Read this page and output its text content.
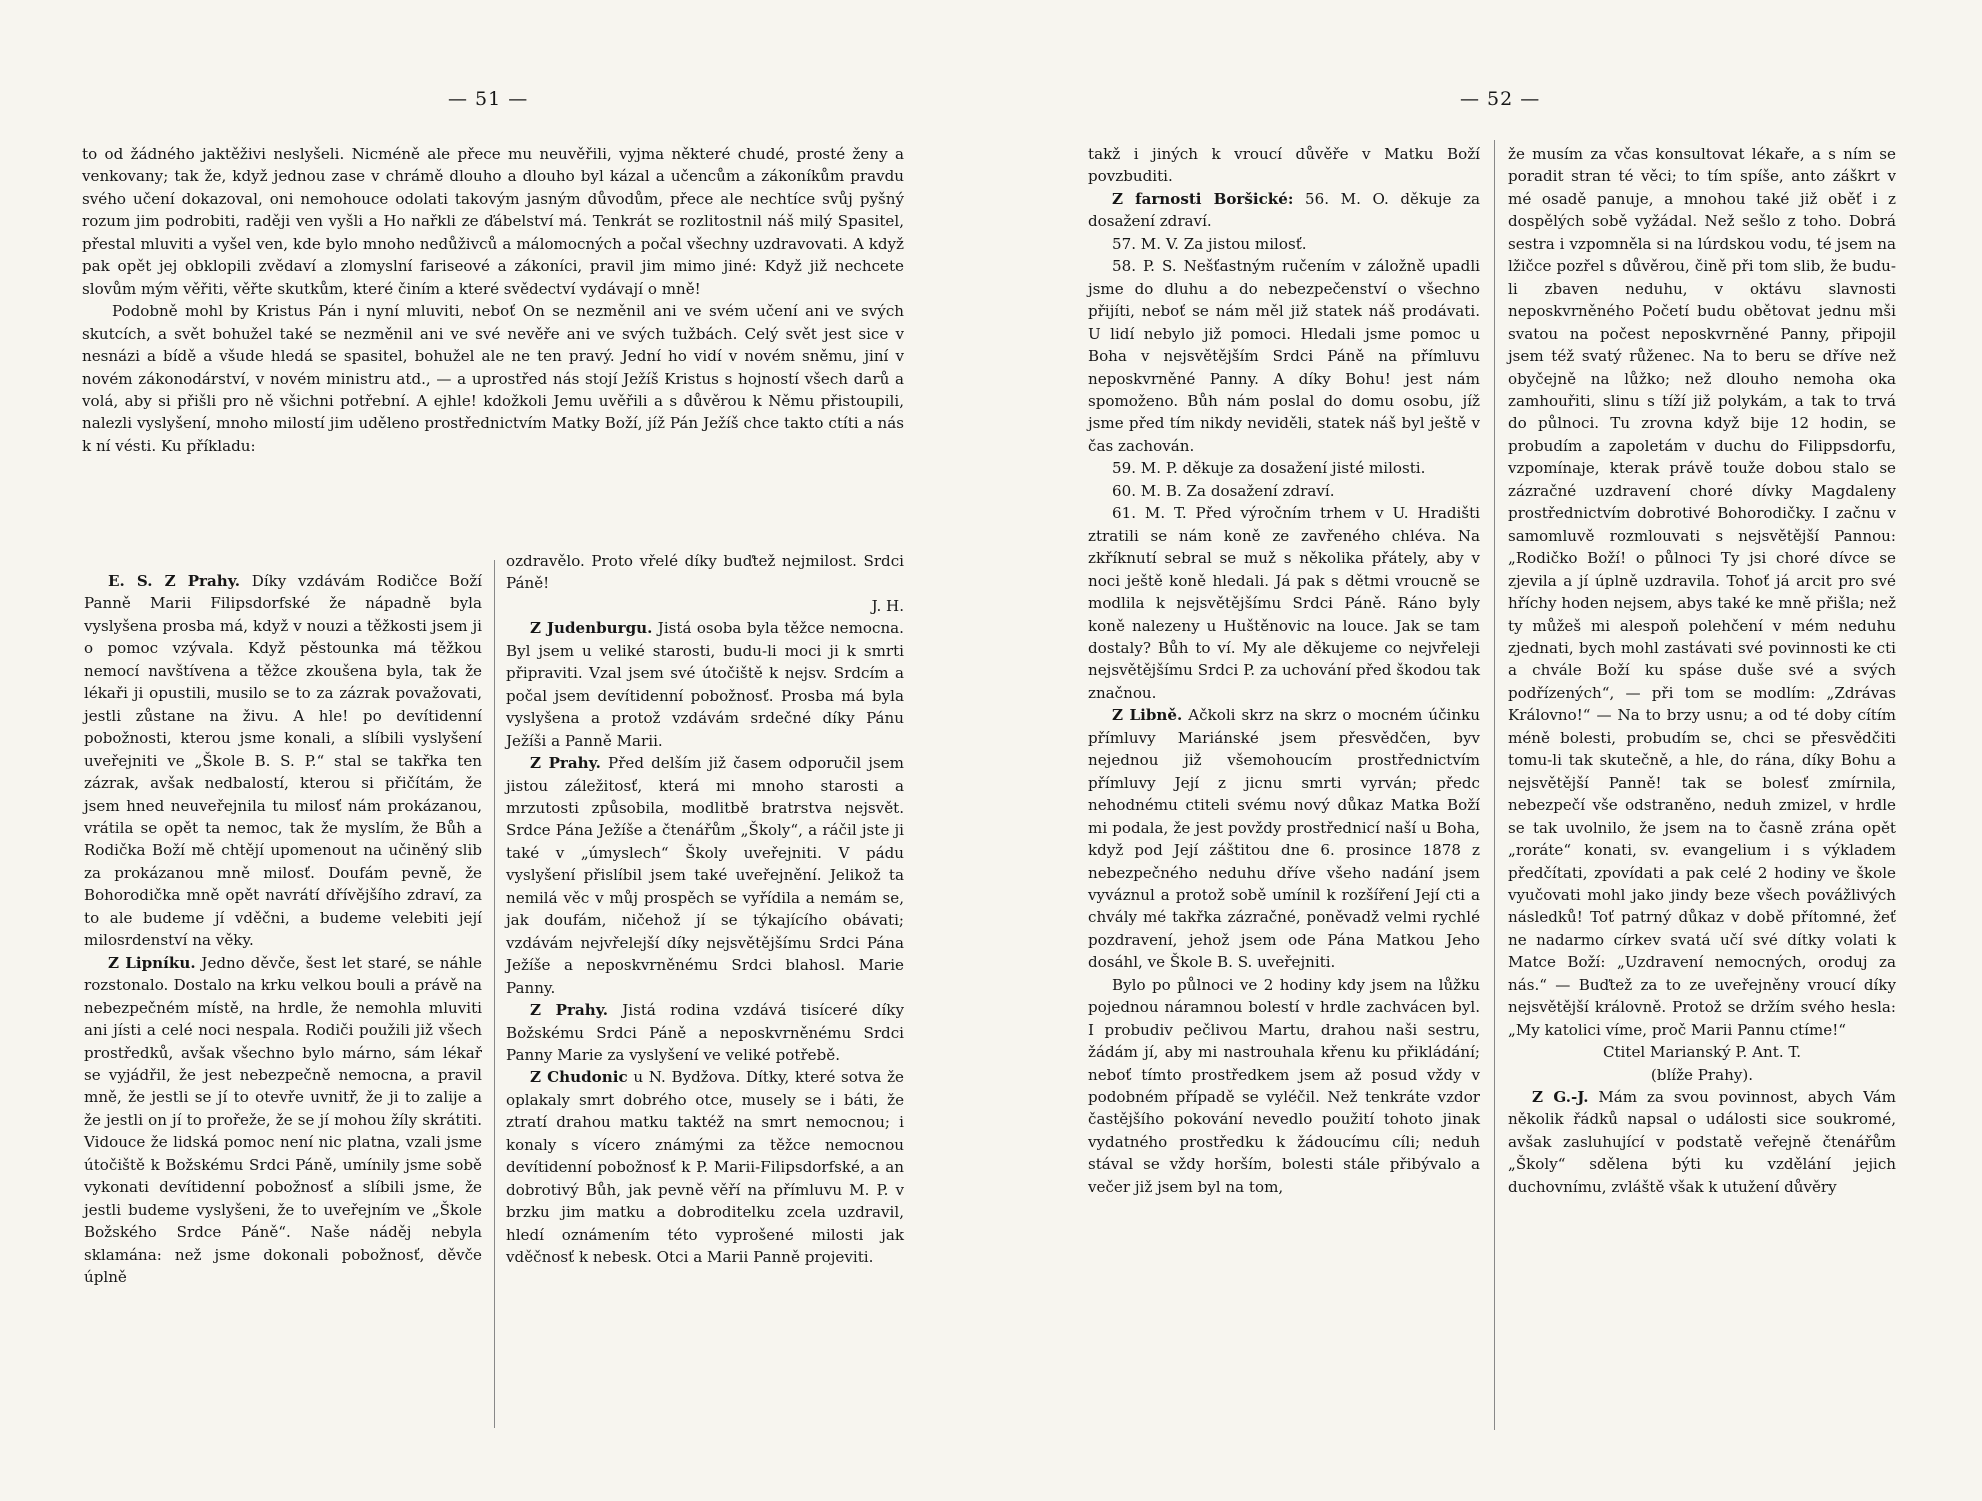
— 51 —

to od žádného jaktěživi neslyšeli. Nicméně ale přece mu neuvěřili, vyjma některé chudé, prosté ženy a venkovany; tak že, když jednou zase v chrámě dlouho a dlouho byl kázal a učencům a zákoníkům pravdu svého učení dokazoval, oni nemohouce odolati takovým jasným důvodům, přece ale nechtíce svůj pyšný rozum jim podrobiti, raději ven vyšli a Ho nařkli ze ďábelství má. Tenkrát se rozlitostnil náš milý Spasitel, přestal mluviti a vyšel ven, kde bylo mnoho nedůživců a málomocných a počal všechny uzdravovati. A když pak opět jej obklopili zvědaví a zlomyslní fariseové a zákoníci, pravil jim mimo jiné: Když již nechcete slovům mým věřiti, věřte skutkům, které činím a které svědectví vydávají o mně!

Podobně mohl by Kristus Pán i nyní mluviti, neboť On se nezměnil ani ve svém učení ani ve svých skutcích, a svět bohužel také se nezměnil ani ve své nevěře ani ve svých tužbách. Celý svět jest sice v nesnázi a bídě a všude hledá se spasitel, bohužel ale ne ten pravý. Jední ho vidí v novém sněmu, jiní v novém zákonodárství, v novém ministru atd., — a uprostřed nás stojí Ježíš Kristus s hojností všech darů a volá, aby si přišli pro ně všichni potřební. A ejhle! kdožkoli Jemu uvěřili a s důvěrou k Němu přistoupili, nalezli vyslyšení, mnoho milostí jim uděleno prostřednictvím Matky Boží, jíž Pán Ježíš chce takto ctíti a nás k ní vésti. Ku příkladu:

E. S. Z Prahy. Díky vzdávám Rodičce Boží Panně Marii Filipsdorfské že nápadně byla vyslyšena prosba má, když v nouzi a těžkosti jsem ji o pomoc vzývala. Když pěstounka má těžkou nemocí navštívena a těžce zkoušena byla, tak že lékaři ji opustili, musilo se to za zázrak považovati, jestli zůstane na živu. A hle! po devítidenní pobožnosti, kterou jsme konali, a slíbili vyslyšení uveřejniti ve „Škole B. S. P.“ stal se takřka ten zázrak, avšak nedbalostí, kterou si přičítám, že jsem hned neuveřejnila tu milosť nám prokázanou, vrátila se opět ta nemoc, tak že myslím, že Bůh a Rodička Boží mě chtějí upomenout na učiněný slib za prokázanou mně milosť. Doufám pevně, že Bohorodička mně opět navrátí dřívějšího zdraví, za to ale budeme jí vděčni, a budeme velebiti její milosrdenství na věky.

Z Lipníku. Jedno děvče, šest let staré, se náhle rozstonalo. Dostalo na krku velkou bouli a právě na nebezpečném místě, na hrdle, že nemohla mluviti ani jísti a celé noci nespala. Rodiči použili již všech prostředků, avšak všechno bylo márno, sám lékař se vyjádřil, že jest nebezpečně nemocna, a pravil mně, že jestli se jí to otevře uvnitř, že ji to zalije a že jestli on jí to prořeže, že se jí mohou žíly skrátiti. Vidouce že lidská pomoc není nic platna, vzali jsme útočiště k Božskému Srdci Páně, umínily jsme sobě vykonati devítidenní pobožnosť a slíbili jsme, že jestli budeme vyslyšeni, že to uveřejním ve „Škole Božského Srdce Páně“. Naše náděj nebyla sklamána: než jsme dokonali pobožnosť, děvče úplně

ozdravělo. Proto vřelé díky buďtež nejmilost. Srdci Páně!

J. H.

Z Judenburgu. Jistá osoba byla těžce nemocna. Byl jsem u veliké starosti, budu-li moci ji k smrti připraviti. Vzal jsem své útočiště k nejsv. Srdcím a počal jsem devítidenní pobožnosť. Prosba má byla vyslyšena a protož vzdávám srdečné díky Pánu Ježíši a Panně Marii.

Z Prahy. Před delším již časem odporučil jsem jistou záležitosť, která mi mnoho starosti a mrzutosti způsobila, modlitbě bratrstva nejsvět. Srdce Pána Ježíše a čtenářům „Školy“, a ráčil jste ji také v „úmyslech“ Školy uveřejniti. V pádu vyslyšení přislíbil jsem také uveřejnění. Jelikož ta nemilá věc v můj prospěch se vyřídila a nemám se, jak doufám, ničehož jí se týkajícího obávati; vzdávám nejvřelejší díky nejsvětějšímu Srdci Pána Ježíše a neposkvrněnému Srdci blahosl. Marie Panny.

Z Prahy. Jistá rodina vzdává tisíceré díky Božskému Srdci Páně a neposkvrněnému Srdci Panny Marie za vyslyšení ve veliké potřebě.

Z Chudonic u N. Bydžova. Dítky, které sotva že oplakaly smrt dobrého otce, musely se i báti, že ztratí drahou matku taktéž na smrt nemocnou; i konaly s vícero známými za těžce nemocnou devítidenní pobožnosť k P. Marii-Filipsdorfské, a an dobrotivý Bůh, jak pevně věří na přímluvu M. P. v brzku jim matku a dobroditelku zcela uzdravil, hledí oznámením této vyprošené milosti jak vděčnosť k nebesk. Otci a Marii Panně projeviti.

— 52 —

takž i jiných k vroucí důvěře v Matku Boží povzbuditi.

Z farnosti Boršické: 56. M. O. děkuje za dosažení zdraví.

57. M. V. Za jistou milosť.

58. P. S. Nešťastným ručením v záložně upadli jsme do dluhu a do nebezpečenství o všechno přijíti, neboť se nám měl již statek náš prodávati. U lidí nebylo již pomoci. Hledali jsme pomoc u Boha v nejsvětějším Srdci Páně na přímluvu neposkvrněné Panny. A díky Bohu! jest nám spomoženo. Bůh nám poslal do domu osobu, jíž jsme před tím nikdy neviděli, statek náš byl ještě v čas zachován.

59. M. P. děkuje za dosažení jisté milosti.

60. M. B. Za dosažení zdraví.

61. M. T. Před výročním trhem v U. Hradišti ztratili se nám koně ze zavřeného chléva. Na zkříknutí sebral se muž s několika přátely, aby v noci ještě koně hledali. Já pak s dětmi vroucně se modlila k nejsvětějšímu Srdci Páně. Ráno byly koně nalezeny u Huštěnovic na louce. Jak se tam dostaly? Bůh to ví. My ale děkujeme co nejvřeleji nejsvětějšímu Srdci P. za uchování před škodou tak značnou.

Z Libně. Ačkoli skrz na skrz o mocném účinku přímluvy Mariánské jsem přesvědčen, byv nejednou již všemohoucím prostřednictvím přímluvy Její z jicnu smrti vyrván; předc nehodnému ctiteli svému nový důkaz Matka Boží mi podala, že jest povždy prostřednicí naší u Boha, když pod Její záštitou dne 6. prosince 1878 z nebezpečného neduhu dříve všeho nadání jsem vyváznul a protož sobě umínil k rozšíření Její cti a chvály mé takřka zázračné, poněvadž velmi rychlé pozdravení, jehož jsem ode Pána Matkou Jeho dosáhl, ve Škole B. S. uveřejniti.

Bylo po půlnoci ve 2 hodiny kdy jsem na lůžku pojednou náramnou bolestí v hrdle zachvácen byl. I probudiv pečlivou Martu, drahou naši sestru, žádám jí, aby mi nastrouhala křenu ku přikládání; neboť tímto prostředkem jsem až posud vždy v podobném případě se vyléčil. Než tenkráte vzdor častějšího pokování nevedlo použití tohoto jinak vydatného prostředku k žádoucímu cíli; neduh stával se vždy horším, bolesti stále přibývalo a večer již jsem byl na tom,

že musím za včas konsultovat lékaře, a s ním se poradit stran té věci; to tím spíše, anto záškrt v mé osadě panuje, a mnohou také již oběť i z dospělých sobě vyžádal. Než sešlo z toho. Dobrá sestra i vzpomněla si na lúrdskou vodu, té jsem na lžičce pozřel s důvěrou, čině při tom slib, že budu-li zbaven neduhu, v oktávu slavnosti neposkvrněného Početí budu obětovat jednu mši svatou na počest neposkvrněné Panny, připojil jsem též svatý růženec. Na to beru se dříve než obyčejně na lůžko; než dlouho nemoha oka zamhouřiti, slinu s tíží již polykám, a tak to trvá do půlnoci. Tu zrovna když bije 12 hodin, se probudím a zapoletám v duchu do Filippsdorfu, vzpomínaje, kterak právě touže dobou stalo se zázračné uzdravení choré dívky Magdaleny prostřednictvím dobrotivé Bohorodičky. I začnu v samomluvě rozmlouvati s nejsvětější Pannou: „Rodičko Boží! o půlnoci Ty jsi choré dívce se zjevila a jí úplně uzdravila. Tohoť já arcit pro své hříchy hoden nejsem, abys také ke mně přišla; než ty můžeš mi alespoň polehčení v mém neduhu zjednati, bych mohl zastávati své povinnosti ke cti a chvále Boží ku spáse duše své a svých podřízených“, — při tom se modlím: „Zdrávas Královno!“ — Na to brzy usnu; a od té doby cítím méně bolesti, probudím se, chci se přesvědčiti tomu-li tak skutečně, a hle, do rána, díky Bohu a nejsvětější Panně! tak se bolesť zmírnila, nebezpečí vše odstraněno, neduh zmizel, v hrdle se tak uvolnilo, že jsem na to časně zrána opět „roráte“ konati, sv. evangelium i s výkladem předčítati, zpovídati a pak celé 2 hodiny ve škole vyučovati mohl jako jindy beze všech povážlivých následků! Toť patrný důkaz v době přítomné, žeť ne nadarmo církev svatá učí své dítky volati k Matce Boží: „Uzdravení nemocných, oroduj za nás.“ — Buďtež za to ze uveřejněny vroucí díky nejsvětější královně. Protož se držím svého hesla: „My katolici víme, proč Marii Pannu ctíme!“

Ctitel Marianský P. Ant. T.

(blíže Prahy).

Z G.-J. Mám za svou povinnost, abych Vám několik řádků napsal o události sice soukromé, avšak zasluhující v podstatě veřejně čtenářům „Školy“ sdělena býti ku vzdělání jejich duchovnímu, zvláště však k utužení důvěry
